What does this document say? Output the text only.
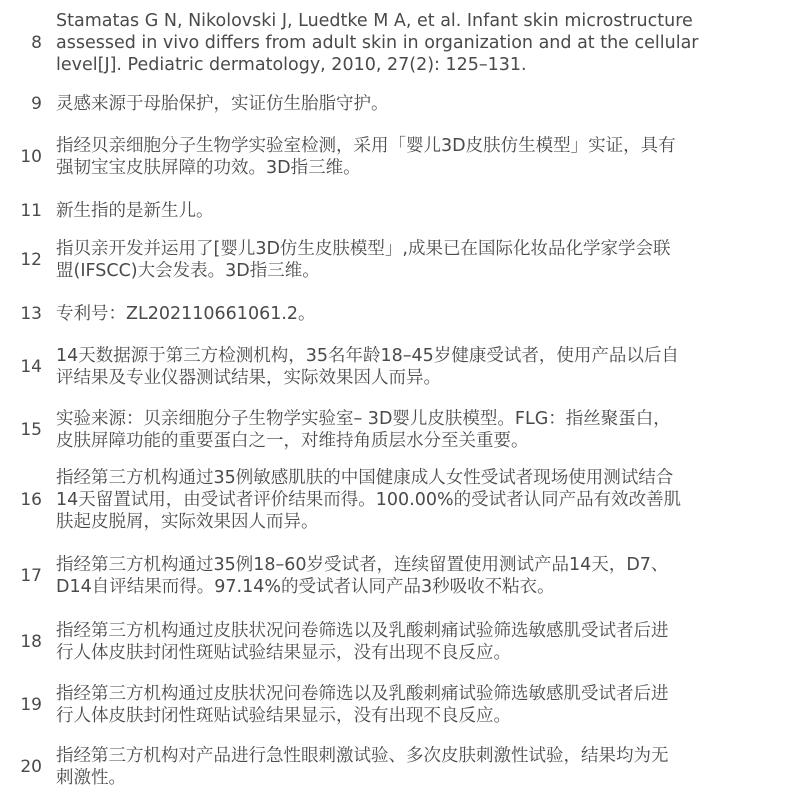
8
Stamatas G N, Nikolovski J, Luedtke M A, et al. Infant skin microstructure
assessed in vivo differs from adult skin in organization and at the cellular
level[J]. Pediatric dermatology, 2010, 27(2): 125–131.
9 灵感来源于母胎保护，实证仿生胎脂守护。
10
指经贝亲细胞分子生物学实验室检测，采用「婴儿3D皮肤仿生模型」实证，具有
强韧宝宝皮肤屏障的功效。3D指三维。
11 新生指的是新生儿。
12
指贝亲开发并运用了[婴儿3D仿生皮肤模型」,成果已在国际化妆品化学家学会联
盟(IFSCC)大会发表。3D指三维。
13 专利号：ZL202110661061.2。
14
14天数据源于第三方检测机构，35名年龄18–45岁健康受试者，使用产品以后自
评结果及专业仪器测试结果，实际效果因人而异。
15
实验来源：贝亲细胞分子生物学实验室– 3D婴儿皮肤模型。FLG：指丝聚蛋白，
皮肤屏障功能的重要蛋白之一，对维持角质层水分至关重要。
16
指经第三方机构通过35例敏感肌肤的中国健康成人女性受试者现场使用测试结合
14天留置试用，由受试者评价结果而得。100.00%的受试者认同产品有效改善肌
肤起皮脱屑，实际效果因人而异。
17
指经第三方机构通过35例18–60岁受试者，连续留置使用测试产品14天，D7、
D14自评结果而得。97.14%的受试者认同产品3秒吸收不粘衣。
18
指经第三方机构通过皮肤状况问卷筛选以及乳酸刺痛试验筛选敏感肌受试者后进
行人体皮肤封闭性斑贴试验结果显示，没有出现不良反应。
19
指经第三方机构通过皮肤状况问卷筛选以及乳酸刺痛试验筛选敏感肌受试者后进
行人体皮肤封闭性斑贴试验结果显示，没有出现不良反应。
20
指经第三方机构对产品进行急性眼刺激试验、多次皮肤刺激性试验，结果均为无
刺激性。
